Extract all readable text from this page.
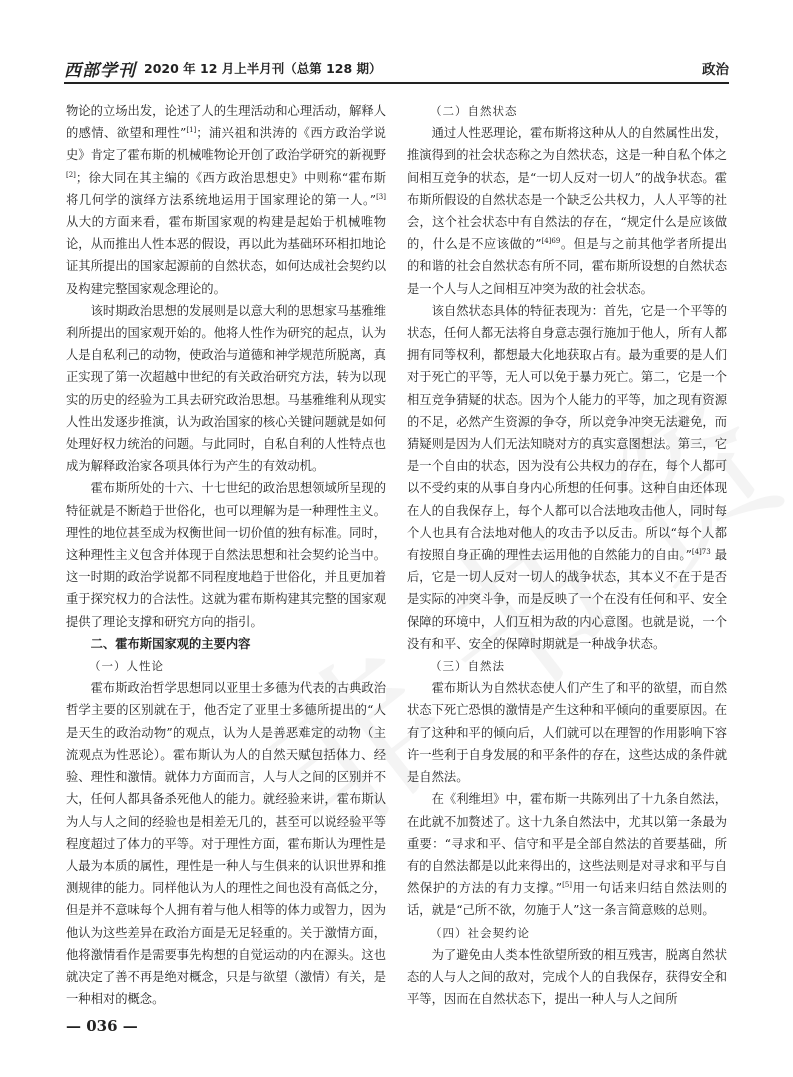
西部学刊 2020 年 12 月上半月刊（总第 128 期）	政治

物论的立场出发，论述了人的生理活动和心理活动，解释人的感情、欲望和理性”[1]；浦兴祖和洪涛的《西方政治学说史》肯定了霍布斯的机械唯物论开创了政治学研究的新视野[2]；徐大同在其主编的《西方政治思想史》中则称“霍布斯将几何学的演绎方法系统地运用于国家理论的第一人。”[3] 从大的方面来看，霍布斯国家观的构建是起始于机械唯物论，从而推出人性本恶的假设，再以此为基础环环相扣地论证其所提出的国家起源前的自然状态，如何达成社会契约以及构建完整国家观念理论的。

该时期政治思想的发展则是以意大利的思想家马基雅维利所提出的国家观开始的。他将人性作为研究的起点，认为人是自私利己的动物，使政治与道德和神学规范所脱离，真正实现了第一次超越中世纪的有关政治研究方法，转为以现实的历史的经验为工具去研究政治思想。马基雅维利从现实人性出发逐步推演，认为政治国家的核心关键问题就是如何处理好权力统治的问题。与此同时，自私自利的人性特点也成为解释政治家各项具体行为产生的有效动机。

霍布斯所处的十六、十七世纪的政治思想领域所呈现的特征就是不断趋于世俗化，也可以理解为是一种理性主义。理性的地位甚至成为权衡世间一切价值的独有标准。同时，这种理性主义包含并体现于自然法思想和社会契约论当中。这一时期的政治学说都不同程度地趋于世俗化，并且更加着重于探究权力的合法性。这就为霍布斯构建其完整的国家观提供了理论支撑和研究方向的指引。

二、霍布斯国家观的主要内容
（一）人性论

霍布斯政治哲学思想同以亚里士多德为代表的古典政治哲学主要的区别就在于，他否定了亚里士多德所提出的“人是天生的政治动物”的观点，认为人是善恶难定的动物（主流观点为性恶论）。霍布斯认为人的自然天赋包括体力、经验、理性和激情。就体力方面而言，人与人之间的区别并不大，任何人都具备杀死他人的能力。就经验来讲，霍布斯认为人与人之间的经验也是相差无几的，甚至可以说经验平等程度超过了体力的平等。对于理性方面，霍布斯认为理性是人最为本质的属性，理性是一种人与生俱来的认识世界和推测规律的能力。同样他认为人的理性之间也没有高低之分，但是并不意味每个人拥有着与他人相等的体力或智力，因为他认为这些差异在政治方面是无足轻重的。关于激情方面，他将激情看作是需要事先构想的自觉运动的内在源头。这也就决定了善不再是绝对概念，只是与欲望（激情）有关，是一种相对的概念。

（二）自然状态

通过人性恶理论，霍布斯将这种从人的自然属性出发，推演得到的社会状态称之为自然状态，这是一种自私个体之间相互竞争的状态，是“一切人反对一切人”的战争状态。霍布斯所假设的自然状态是一个缺乏公共权力，人人平等的社会，这个社会状态中有自然法的存在，“规定什么是应该做的，什么是不应该做的”$^{[4]69}$。但是与之前其他学者所提出的和谐的社会自然状态有所不同，霍布斯所设想的自然状态是一个人与人之间相互冲突为敌的社会状态。

该自然状态具体的特征表现为：首先，它是一个平等的状态，任何人都无法将自身意志强行施加于他人，所有人都拥有同等权利，都想最大化地获取占有。最为重要的是人们对于死亡的平等，无人可以免于暴力死亡。第二，它是一个相互竞争猜疑的状态。因为个人能力的平等，加之现有资源的不足，必然产生资源的争夺，所以竞争冲突无法避免，而猜疑则是因为人们无法知晓对方的真实意图想法。第三，它是一个自由的状态，因为没有公共权力的存在，每个人都可以不受约束的从事自身内心所想的任何事。这种自由还体现在人的自我保存上，每个人都可以合法地攻击他人，同时每个人也具有合法地对他人的攻击予以反击。所以“每个人都有按照自身正确的理性去运用他的自然能力的自由。”$^{[4]73}$ 最后，它是一切人反对一切人的战争状态，其本义不在于是否是实际的冲突斗争，而是反映了一个在没有任何和平、安全保障的环境中，人们互相为敌的内心意图。也就是说，一个没有和平、安全的保障时期就是一种战争状态。

（三）自然法

霍布斯认为自然状态使人们产生了和平的欲望，而自然状态下死亡恐惧的激情是产生这种和平倾向的重要原因。在有了这种和平的倾向后，人们就可以在理智的作用影响下容许一些利于自身发展的和平条件的存在，这些达成的条件就是自然法。

在《利维坦》中，霍布斯一共陈列出了十九条自然法，在此就不加赘述了。这十九条自然法中，尤其以第一条最为重要：“寻求和平、信守和平是全部自然法的首要基础，所有的自然法都是以此来得出的，这些法则是对寻求和平与自然保护的方法的有力支撑。”[5]用一句话来归结自然法则的话，就是“己所不欲，勿施于人”这一条言简意赅的总则。

（四）社会契约论

为了避免由人类本性欲望所致的相互残害，脱离自然状态的人与人之间的敌对，完成个人的自我保存，获得安全和平等，因而在自然状态下，提出一种人与人之间所

— 036 —
